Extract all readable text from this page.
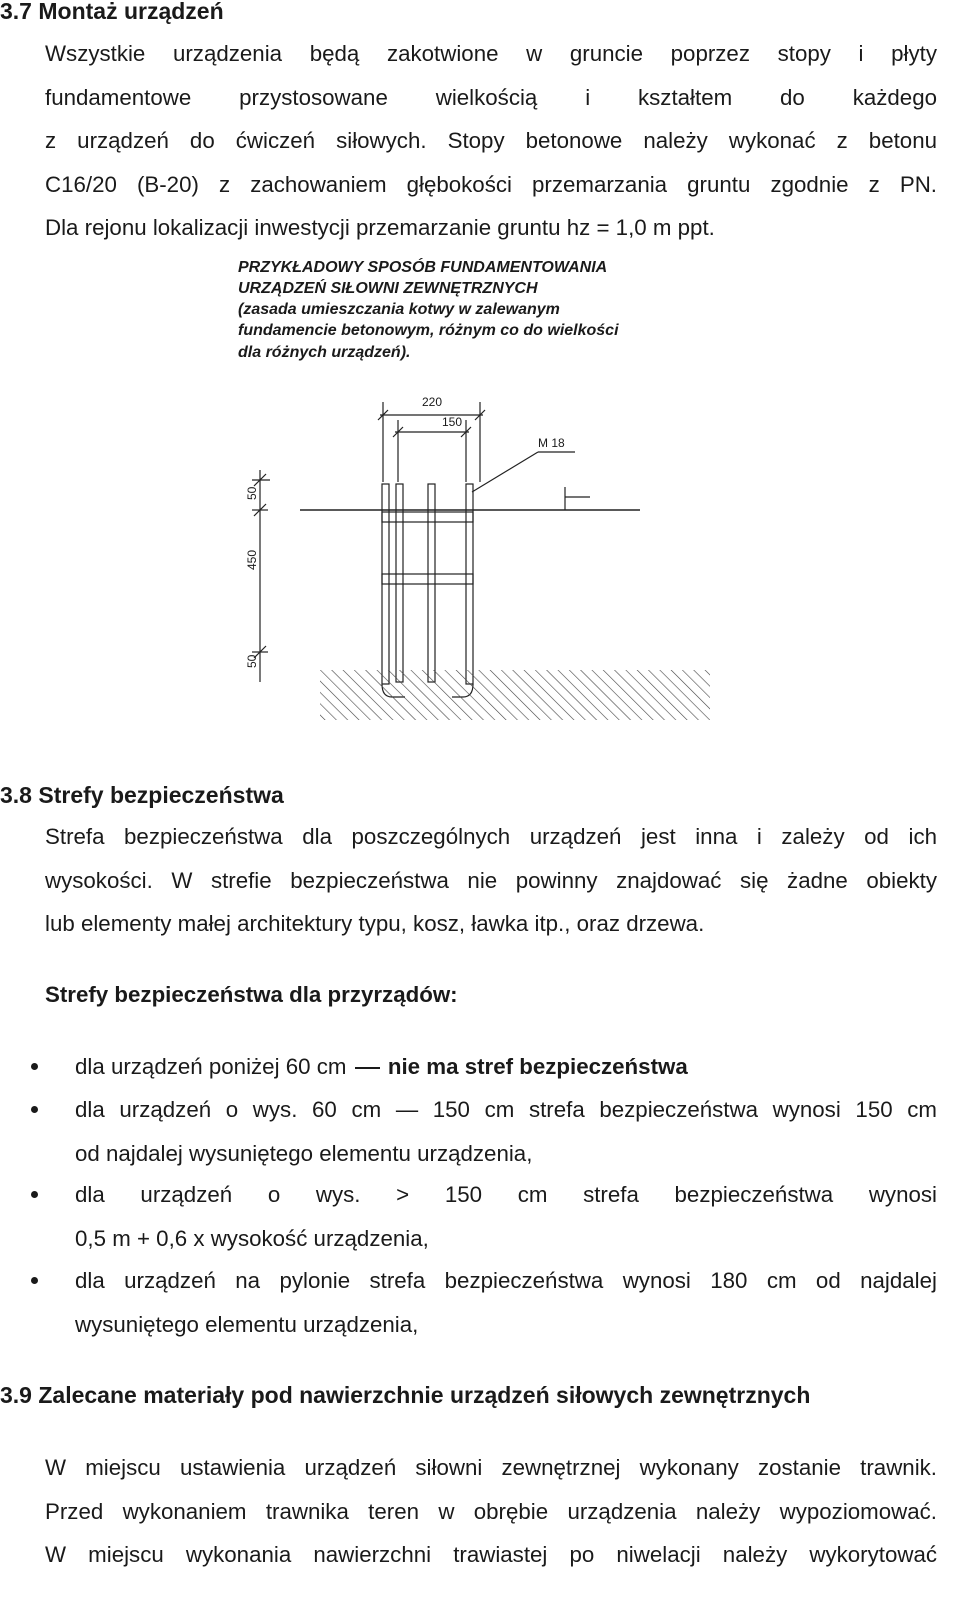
3.7 Montaż urządzeń
Wszystkie urządzenia będą zakotwione w gruncie poprzez stopy i płyty
fundamentowe przystosowane wielkością i kształtem do każdego
z urządzeń do ćwiczeń siłowych. Stopy betonowe należy wykonać z betonu
C16/20 (B-20) z zachowaniem głębokości przemarzania gruntu zgodnie z PN.
Dla rejonu lokalizacji inwestycji przemarzanie gruntu hz = 1,0 m ppt.
PRZYKŁADOWY SPOSÓB FUNDAMENTOWANIA
URZĄDZEŃ SIŁOWNI ZEWNĘTRZNYCH
(zasada umieszczania kotwy w zalewanym
fundamencie betonowym, różnym co do wielkości
dla różnych urządzeń).
220
150
M 18
50
450
50
3.8 Strefy bezpieczeństwa
Strefa bezpieczeństwa dla poszczególnych urządzeń jest inna i zależy od ich
wysokości. W strefie bezpieczeństwa nie powinny znajdować się żadne obiekty
lub elementy małej architektury typu, kosz, ławka itp., oraz drzewa.
Strefy bezpieczeństwa dla przyrządów:
dla urządzeń poniżej 60 cm nie ma stref bezpieczeństwa
dla urządzeń o wys. 60 cm — 150 cm strefa bezpieczeństwa wynosi 150 cm
od najdalej wysuniętego elementu urządzenia,
dla urządzeń o wys. > 150 cm strefa bezpieczeństwa wynosi
0,5 m + 0,6 x wysokość urządzenia,
dla urządzeń na pylonie strefa bezpieczeństwa wynosi 180 cm od najdalej
wysuniętego elementu urządzenia,
3.9 Zalecane materiały pod nawierzchnie urządzeń siłowych zewnętrznych
W miejscu ustawienia urządzeń siłowni zewnętrznej wykonany zostanie trawnik.
Przed wykonaniem trawnika teren w obrębie urządzenia należy wypoziomować.
W miejscu wykonania nawierzchni trawiastej po niwelacji należy wykorytować
